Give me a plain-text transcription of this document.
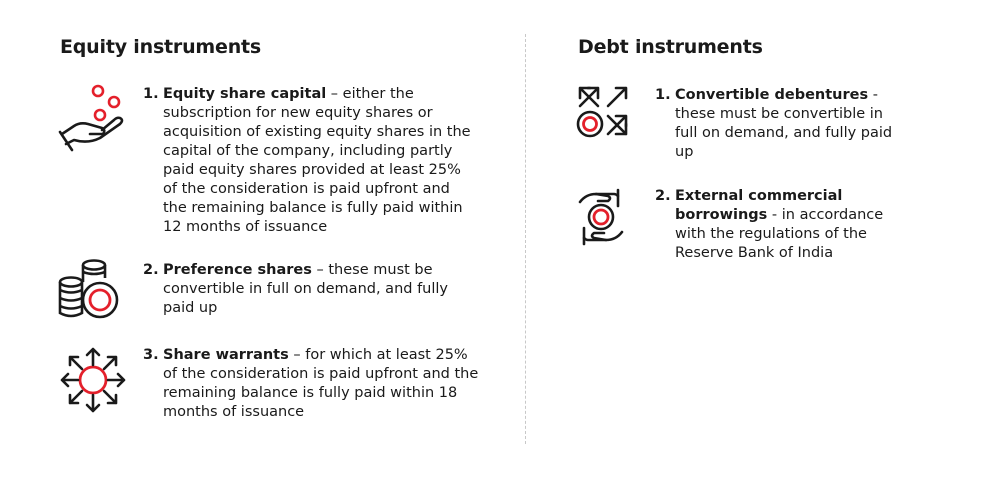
Equity instruments
1. Equity share capital – either the subscription for new equity shares or acquisition of existing equity shares in the capital of the company, including partly paid equity shares provided at least 25% of the consideration is paid upfront and the remaining balance is fully paid within 12 months of issuance
2. Preference shares – these must be convertible in full on demand, and fully paid up
3. Share warrants – for which at least 25% of the consideration is paid upfront and the remaining balance is fully paid within 18 months of issuance
Debt instruments
1. Convertible debentures - these must be convertible in full on demand, and fully paid up
2. External commercial borrowings - in accordance with the regulations of the Reserve Bank of India
